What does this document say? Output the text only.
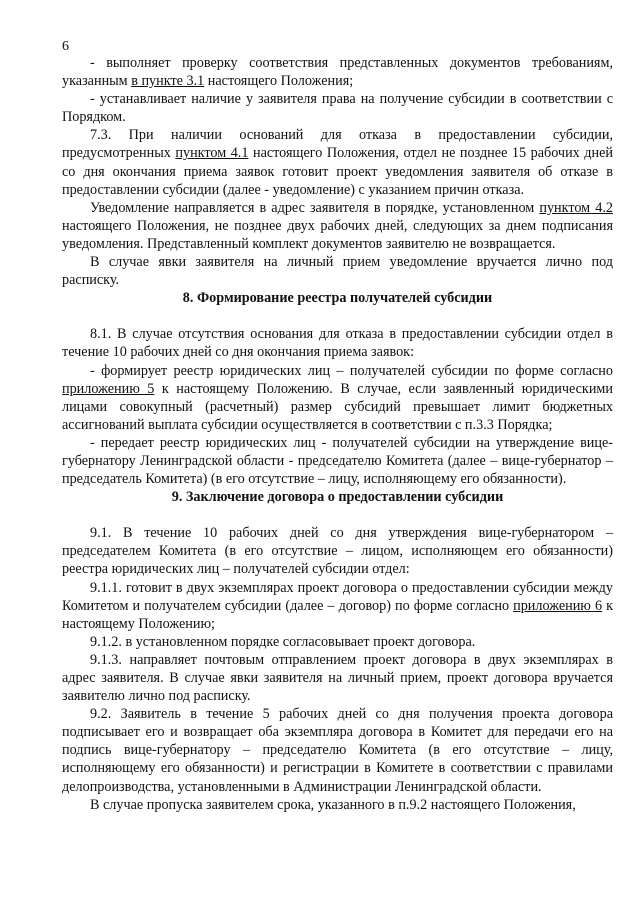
6

- выполняет проверку соответствия представленных документов требованиям, указанным в пункте 3.1 настоящего Положения;

- устанавливает наличие у заявителя права на получение субсидии в соответствии с Порядком.

7.3. При наличии оснований для отказа в предоставлении субсидии, предусмотренных пунктом 4.1 настоящего Положения, отдел не позднее 15 рабочих дней со дня окончания приема заявок готовит проект уведомления заявителя об отказе в предоставлении субсидии (далее - уведомление) с указанием причин отказа.

Уведомление направляется в адрес заявителя в порядке, установленном пунктом 4.2 настоящего Положения, не позднее двух рабочих дней, следующих за днем подписания уведомления. Представленный комплект документов заявителю не возвращается.

В случае явки заявителя на личный прием уведомление вручается лично под расписку.

8. Формирование реестра получателей субсидии

8.1. В случае отсутствия основания для отказа в предоставлении субсидии отдел в течение 10 рабочих дней со дня окончания приема заявок:

- формирует реестр юридических лиц – получателей субсидии по форме согласно приложению 5 к настоящему Положению. В случае, если заявленный юридическими лицами совокупный (расчетный) размер субсидий превышает лимит бюджетных ассигнований выплата субсидии осуществляется в соответствии с п.3.3 Порядка;

- передает реестр юридических лиц - получателей субсидии на утверждение вице-губернатору Ленинградской области - председателю Комитета (далее – вице-губернатор – председатель Комитета) (в его отсутствие – лицу, исполняющему его обязанности).

9. Заключение договора о предоставлении субсидии

9.1. В течение 10 рабочих дней со дня утверждения вице-губернатором – председателем Комитета (в его отсутствие – лицом, исполняющем его обязанности) реестра юридических лиц – получателей субсидии отдел:

9.1.1. готовит в двух экземплярах проект договора о предоставлении субсидии между Комитетом и получателем субсидии (далее – договор) по форме согласно приложению 6 к настоящему Положению;

9.1.2. в установленном порядке согласовывает проект договора.

9.1.3. направляет почтовым отправлением проект договора в двух экземплярах в адрес заявителя. В случае явки заявителя на личный прием, проект договора вручается заявителю лично под расписку.

9.2. Заявитель в течение 5 рабочих дней со дня получения проекта договора подписывает его и возвращает оба экземпляра договора в Комитет для передачи его на подпись вице-губернатору – председателю Комитета (в его отсутствие – лицу, исполняющему его обязанности) и регистрации в Комитете в соответствии с правилами делопроизводства, установленными в Администрации Ленинградской области.

В случае пропуска заявителем срока, указанного в п.9.2 настоящего Положения,
